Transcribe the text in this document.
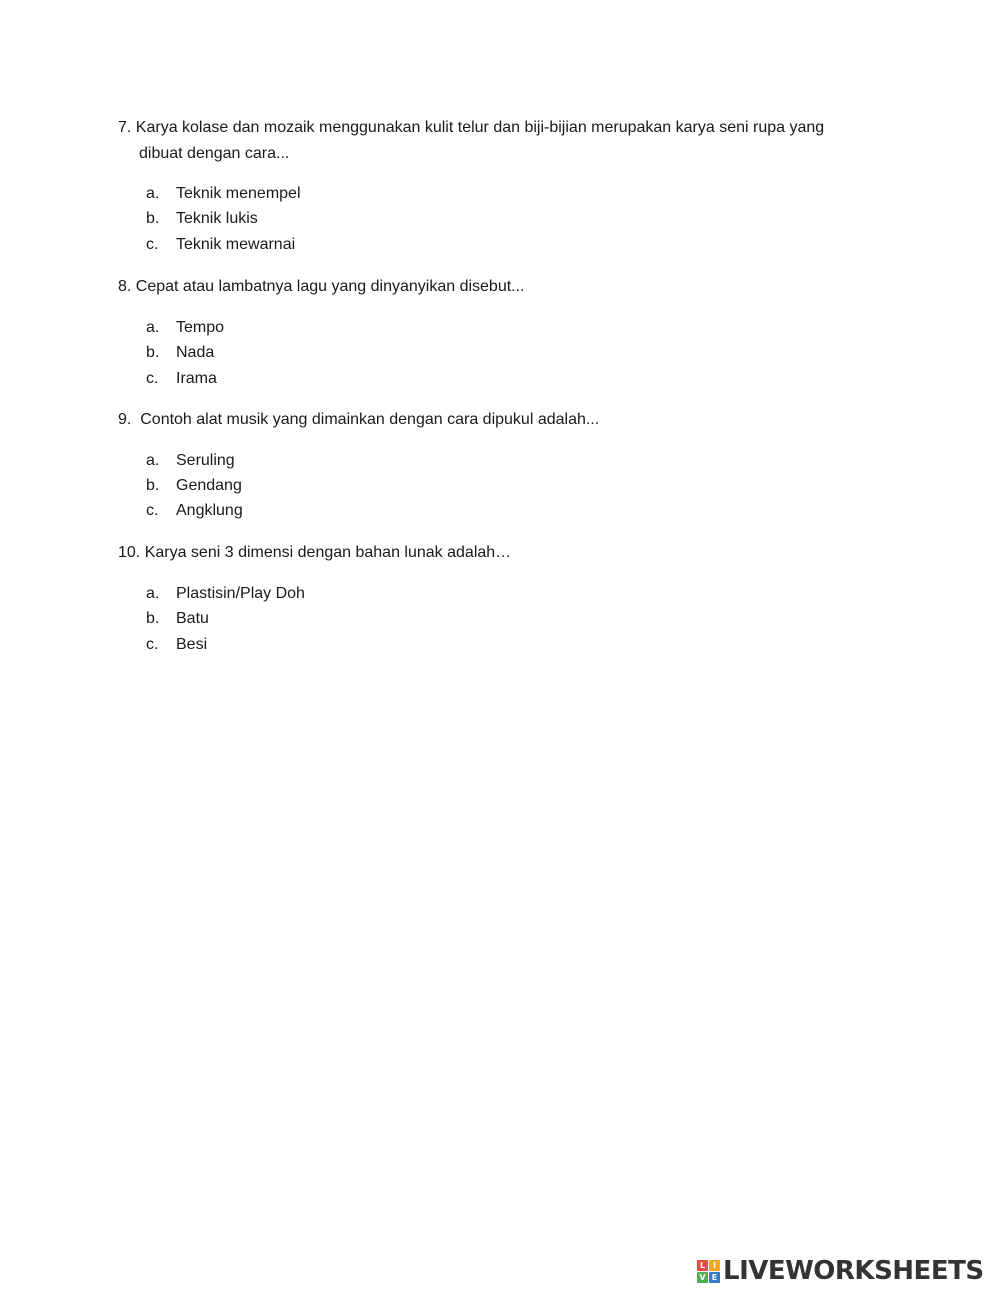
7. Karya kolase dan mozaik menggunakan kulit telur dan biji-bijian merupakan karya seni rupa yang
dibuat dengan cara...
a. Teknik menempel
b. Teknik lukis
c. Teknik mewarnai
8. Cepat atau lambatnya lagu yang dinyanyikan disebut...
a. Tempo
b. Nada
c. Irama
9.  Contoh alat musik yang dimainkan dengan cara dipukul adalah...
a. Seruling
b. Gendang
c. Angklung
10. Karya seni 3 dimensi dengan bahan lunak adalah…
a. Plastisin/Play Doh
b. Batu
c. Besi
L I
V E LIVEWORKSHEETS
